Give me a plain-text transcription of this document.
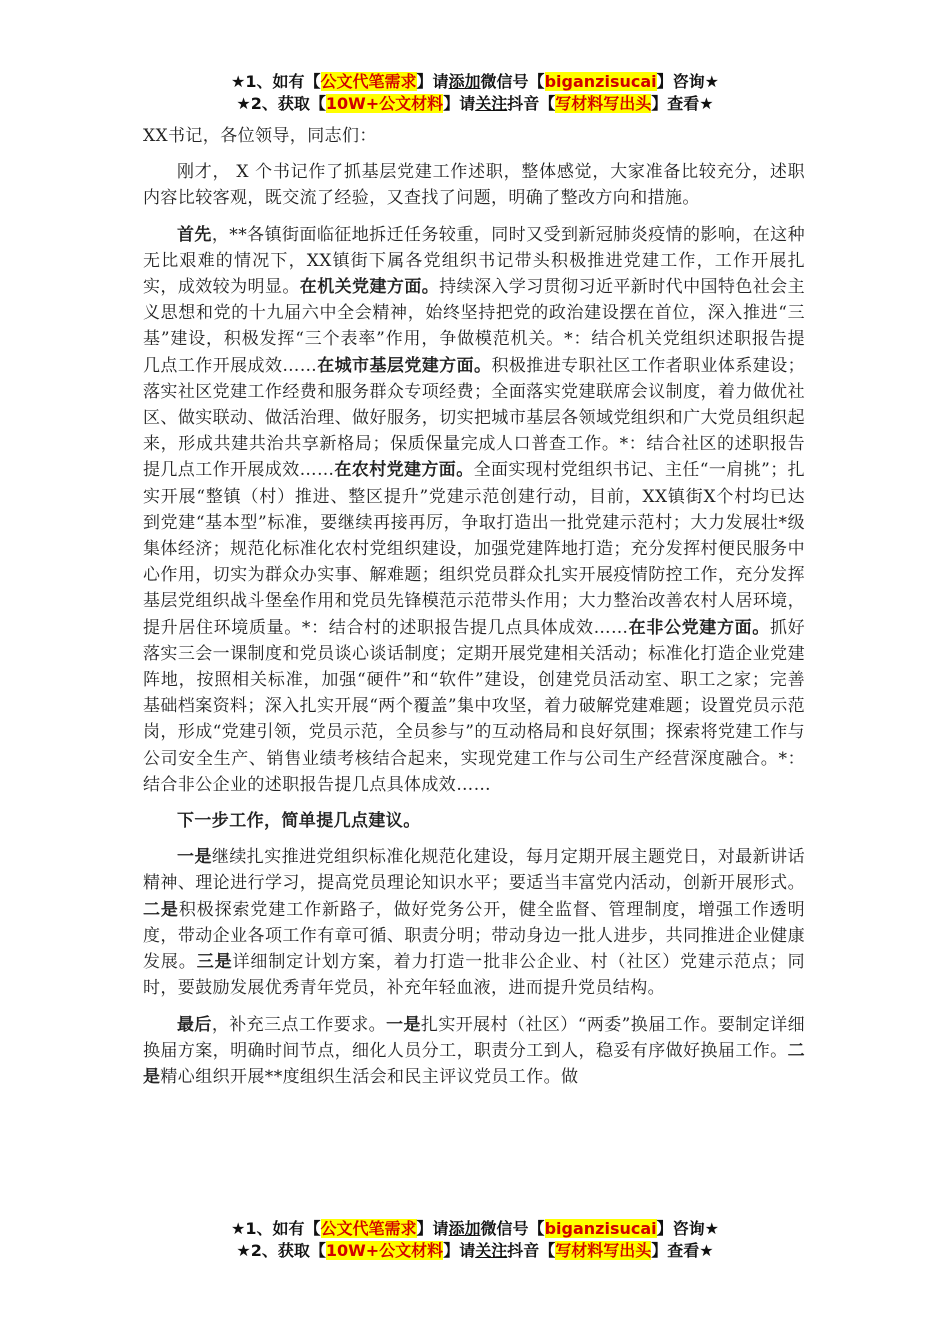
★1、如有【公文代笔需求】请添加微信号【biganzisucai】咨询★
★2、获取【10W+公文材料】请关注抖音【写材料写出头】查看★

XX书记，各位领导，同志们：

刚才， X 个书记作了抓基层党建工作述职，整体感觉，大家准备比较充分，述职内容比较客观，既交流了经验，又查找了问题，明确了整改方向和措施。

首先，**各镇街面临征地拆迁任务较重，同时又受到新冠肺炎疫情的影响，在这种无比艰难的情况下，XX镇街下属各党组织书记带头积极推进党建工作，工作开展扎实，成效较为明显。在机关党建方面。持续深入学习贯彻习近平新时代中国特色社会主义思想和党的十九届六中全会精神，始终坚持把党的政治建设摆在首位，深入推进“三基”建设，积极发挥“三个表率”作用，争做模范机关。*：结合机关党组织述职报告提几点工作开展成效……在城市基层党建方面。积极推进专职社区工作者职业体系建设；落实社区党建工作经费和服务群众专项经费；全面落实党建联席会议制度，着力做优社区、做实联动、做活治理、做好服务，切实把城市基层各领域党组织和广大党员组织起来，形成共建共治共享新格局；保质保量完成人口普查工作。*：结合社区的述职报告提几点工作开展成效……在农村党建方面。全面实现村党组织书记、主任“一肩挑”；扎实开展“整镇（村）推进、整区提升”党建示范创建行动，目前，XX镇街X个村均已达到党建“基本型”标准，要继续再接再厉，争取打造出一批党建示范村；大力发展壮*级集体经济；规范化标准化农村党组织建设，加强党建阵地打造；充分发挥村便民服务中心作用，切实为群众办实事、解难题；组织党员群众扎实开展疫情防控工作，充分发挥基层党组织战斗堡垒作用和党员先锋模范示范带头作用；大力整治改善农村人居环境，提升居住环境质量。*：结合村的述职报告提几点具体成效……在非公党建方面。抓好落实三会一课制度和党员谈心谈话制度；定期开展党建相关活动；标准化打造企业党建阵地，按照相关标准，加强“硬件”和“软件”建设，创建党员活动室、职工之家；完善基础档案资料；深入扎实开展“两个覆盖”集中攻坚，着力破解党建难题；设置党员示范岗，形成“党建引领，党员示范，全员参与”的互动格局和良好氛围；探索将党建工作与公司安全生产、销售业绩考核结合起来，实现党建工作与公司生产经营深度融合。*：结合非公企业的述职报告提几点具体成效……

下一步工作，简单提几点建议。

一是继续扎实推进党组织标准化规范化建设，每月定期开展主题党日，对最新讲话精神、理论进行学习，提高党员理论知识水平；要适当丰富党内活动，创新开展形式。二是积极探索党建工作新路子，做好党务公开，健全监督、管理制度，增强工作透明度，带动企业各项工作有章可循、职责分明；带动身边一批人进步，共同推进企业健康发展。三是详细制定计划方案，着力打造一批非公企业、村（社区）党建示范点；同时，要鼓励发展优秀青年党员，补充年轻血液，进而提升党员结构。

最后，补充三点工作要求。一是扎实开展村（社区）“两委”换届工作。要制定详细换届方案，明确时间节点，细化人员分工，职责分工到人，稳妥有序做好换届工作。二是精心组织开展**度组织生活会和民主评议党员工作。做

★1、如有【公文代笔需求】请添加微信号【biganzisucai】咨询★
★2、获取【10W+公文材料】请关注抖音【写材料写出头】查看★
